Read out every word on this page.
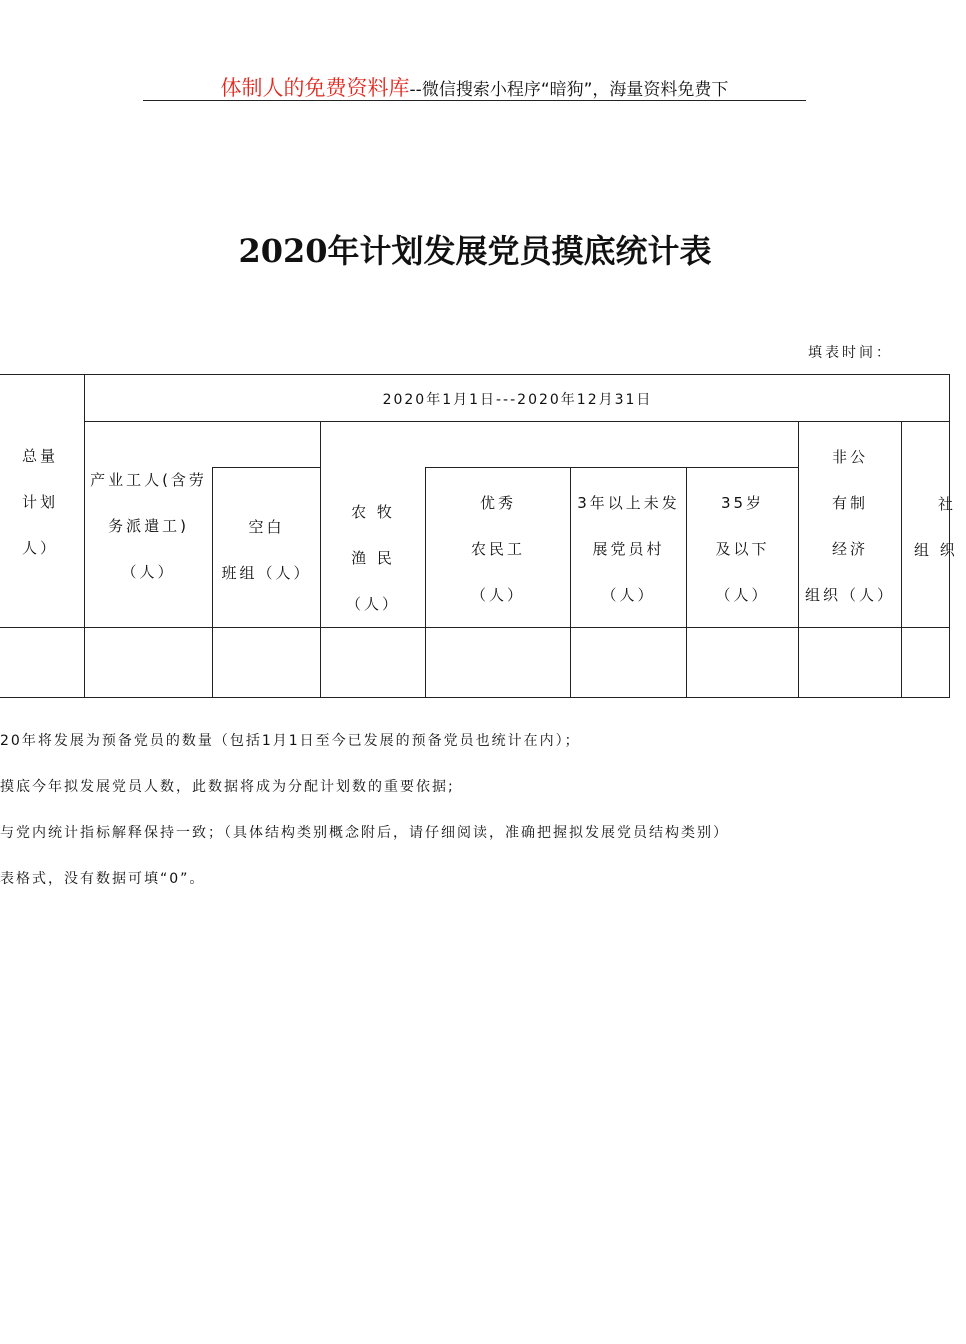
体制人的免费资料库--微信搜索小程序“暗狗”，海量资料免费下
2020年计划发展党员摸底统计表
填表时间：
2020年1月1日---2020年12月31日
总量
计划
人）
产业工人(含劳
务派遣工)
（人）
空白
班组（人）
农 牧
渔 民
（人）
优秀
农民工
（人）
3年以上未发
展党员村
（人）
35岁
及以下
（人）
非公
有制
经济
组织（人）
社
组 织
20年将发展为预备党员的数量（包括1月1日至今已发展的预备党员也统计在内）；
摸底今年拟发展党员人数，此数据将成为分配计划数的重要依据;
与党内统计指标解释保持一致；（具体结构类别概念附后，请仔细阅读，准确把握拟发展党员结构类别）
表格式，没有数据可填“0”。
